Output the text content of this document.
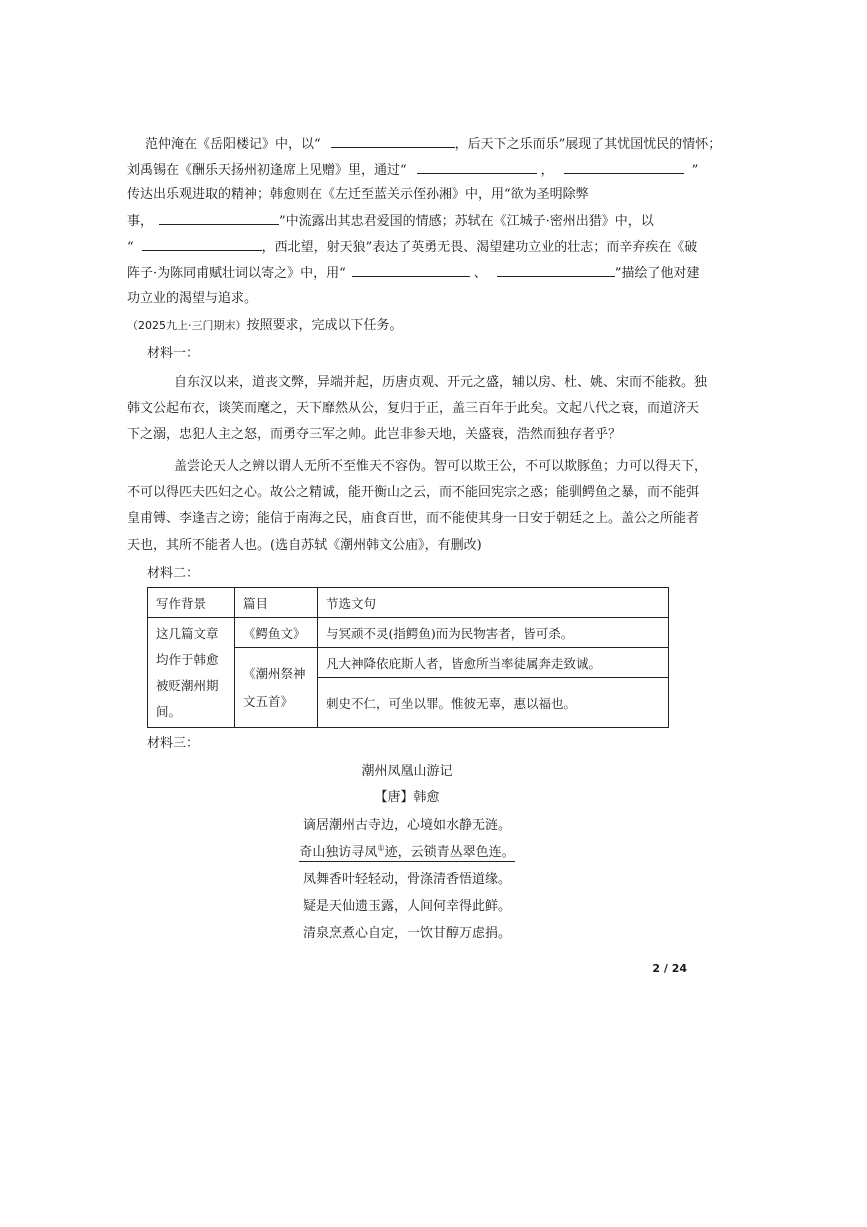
范仲淹在《岳阳楼记》中，以“	，后天下之乐而乐”展现了其忧国忧民的情怀；
刘禹锡在《酬乐天扬州初逢席上见赠》里，通过“	，	”
传达出乐观进取的精神；韩愈则在《左迁至蓝关示侄孙湘》中，用“欲为圣明除弊
事，	”中流露出其忠君爱国的情感；苏轼在《江城子·密州出猎》中，以
“	，西北望，射天狼”表达了英勇无畏、渴望建功立业的壮志；而辛弃疾在《破
阵子·为陈同甫赋壮词以寄之》中，用“	、	”描绘了他对建
功立业的渴望与追求。
（2025九上·三门期末）按照要求，完成以下任务。
材料一：
自东汉以来，道丧文弊，异端并起，历唐贞观、开元之盛，辅以房、杜、姚、宋而不能救。独
韩文公起布衣，谈笑而麾之，天下靡然从公，复归于正，盖三百年于此矣。文起八代之衰，而道济天
下之溺，忠犯人主之怒，而勇夺三军之帅。此岂非参天地，关盛衰，浩然而独存者乎？
盖尝论天人之辨以谓人无所不至惟天不容伪。智可以欺王公，不可以欺豚鱼；力可以得天下，
不可以得匹夫匹妇之心。故公之精诚，能开衡山之云，而不能回宪宗之惑；能驯鳄鱼之暴，而不能弭
皇甫镈、李逢吉之谤；能信于南海之民，庙食百世，而不能使其身一日安于朝廷之上。盖公之所能者
天也，其所不能者人也。(选自苏轼《潮州韩文公庙》，有删改)
材料二：
写作背景	篇目	节选文句

这几篇文章
均作于韩愈
被贬潮州期
间。	《鳄鱼文》	与冥顽不灵(指鳄鱼)而为民物害者，皆可杀。

	《潮州祭神
文五首》	凡大神降依庇斯人者，皆愈所当率徒属奔走致诚。
		刺史不仁，可坐以罪。惟彼无辜，惠以福也。
材料三：
潮州凤凰山游记
【唐】韩愈
谪居潮州古寺边，心境如水静无涟。
奇山独访寻凤①迹，云锁青丛翠色连。
凤舞香叶轻轻动，骨涤清香悟道缘。
疑是天仙遗玉露，人间何幸得此鲜。
清泉烹煮心自定，一饮甘醇万虑捐。
2 / 24
